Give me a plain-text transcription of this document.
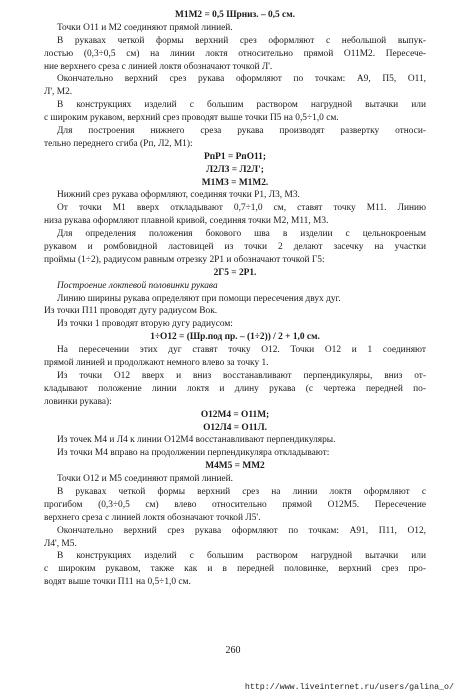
М1М2 = 0,5 Шрниз. – 0,5 см.
Точки О11 и М2 соединяют прямой линией.
В рукавах четкой формы верхний срез оформляют с небольшой выпук-
лостью (0,3÷0,5 см) на линии локтя относительно прямой О11М2. Пересече-
ние верхнего среза с линией локтя обозначают точкой Л'.
Окончательно верхний срез рукава оформляют по точкам: А9, П5, О11,
Л', М2.
В конструкциях изделий с большим раствором нагрудной вытачки или
с широким рукавом, верхний срез проводят выше точки П5 на 0,5÷1,0 см.
Для построения нижнего среза рукава производят развертку относи-
тельно переднего сгиба (Рп, Л2, М1):
РпР1 = РпО11;
Л2Л3 = Л2Л';
М1М3 = М1М2.
Нижний срез рукава оформляют, соединяя точки Р1, Л3, М3.
От точки М1 вверх откладывают 0,7÷1,0 см, ставят точку М11. Линию
низа рукава оформляют плавной кривой, соединяя точки М2, М11, М3.
Для определения положения бокового шва в изделии с цельнокроеным
рукавом и ромбовидной ластовицей из точки 2 делают засечку на участки
проймы (1÷2), радиусом равным отрезку 2Р1 и обозначают точкой Г5:
2Г5 = 2Р1.
Построение локтевой половинки рукава
Линию ширины рукава определяют при помощи пересечения двух дуг.
Из точки П11 проводят дугу радиусом Вок.
Из точки 1 проводят вторую дугу радиусом:
1÷О12 = (Шр.под пр. – (1÷2)) / 2 + 1,0 см.
На пересечении этих дуг ставят точку О12. Точки О12 и 1 соединяют
прямой линией и продолжают немного влево за точку 1.
Из точки О12 вверх и вниз восстанавливают перпендикуляры, вниз от-
кладывают положение линии локтя и длину рукава (с чертежа передней по-
ловинки рукава):
О12М4 = О11М;
О12Л4 = О11Л.
Из точек М4 и Л4 к линии О12М4 восстанавливают перпендикуляры.
Из точки М4 вправо на продолжении перпендикуляра откладывают:
М4М5 = ММ2
Точки О12 и М5 соединяют прямой линией.
В рукавах четкой формы верхний срез на линии локтя оформляют с
прогибом (0,3÷0,5 см) влево относительно прямой О12М5. Пересечение
верхнего среза с линией локтя обозначают точкой Л5'.
Окончательно верхний срез рукава оформляют по точкам: А91, П11, О12,
Л4', М5.
В конструкциях изделий с большим раствором нагрудной вытачки или
с широким рукавом, также как и в передней половинке, верхний срез про-
водят выше точки П11 на 0,5÷1,0 см.
260
http://www.liveinternet.ru/users/galina_o/
